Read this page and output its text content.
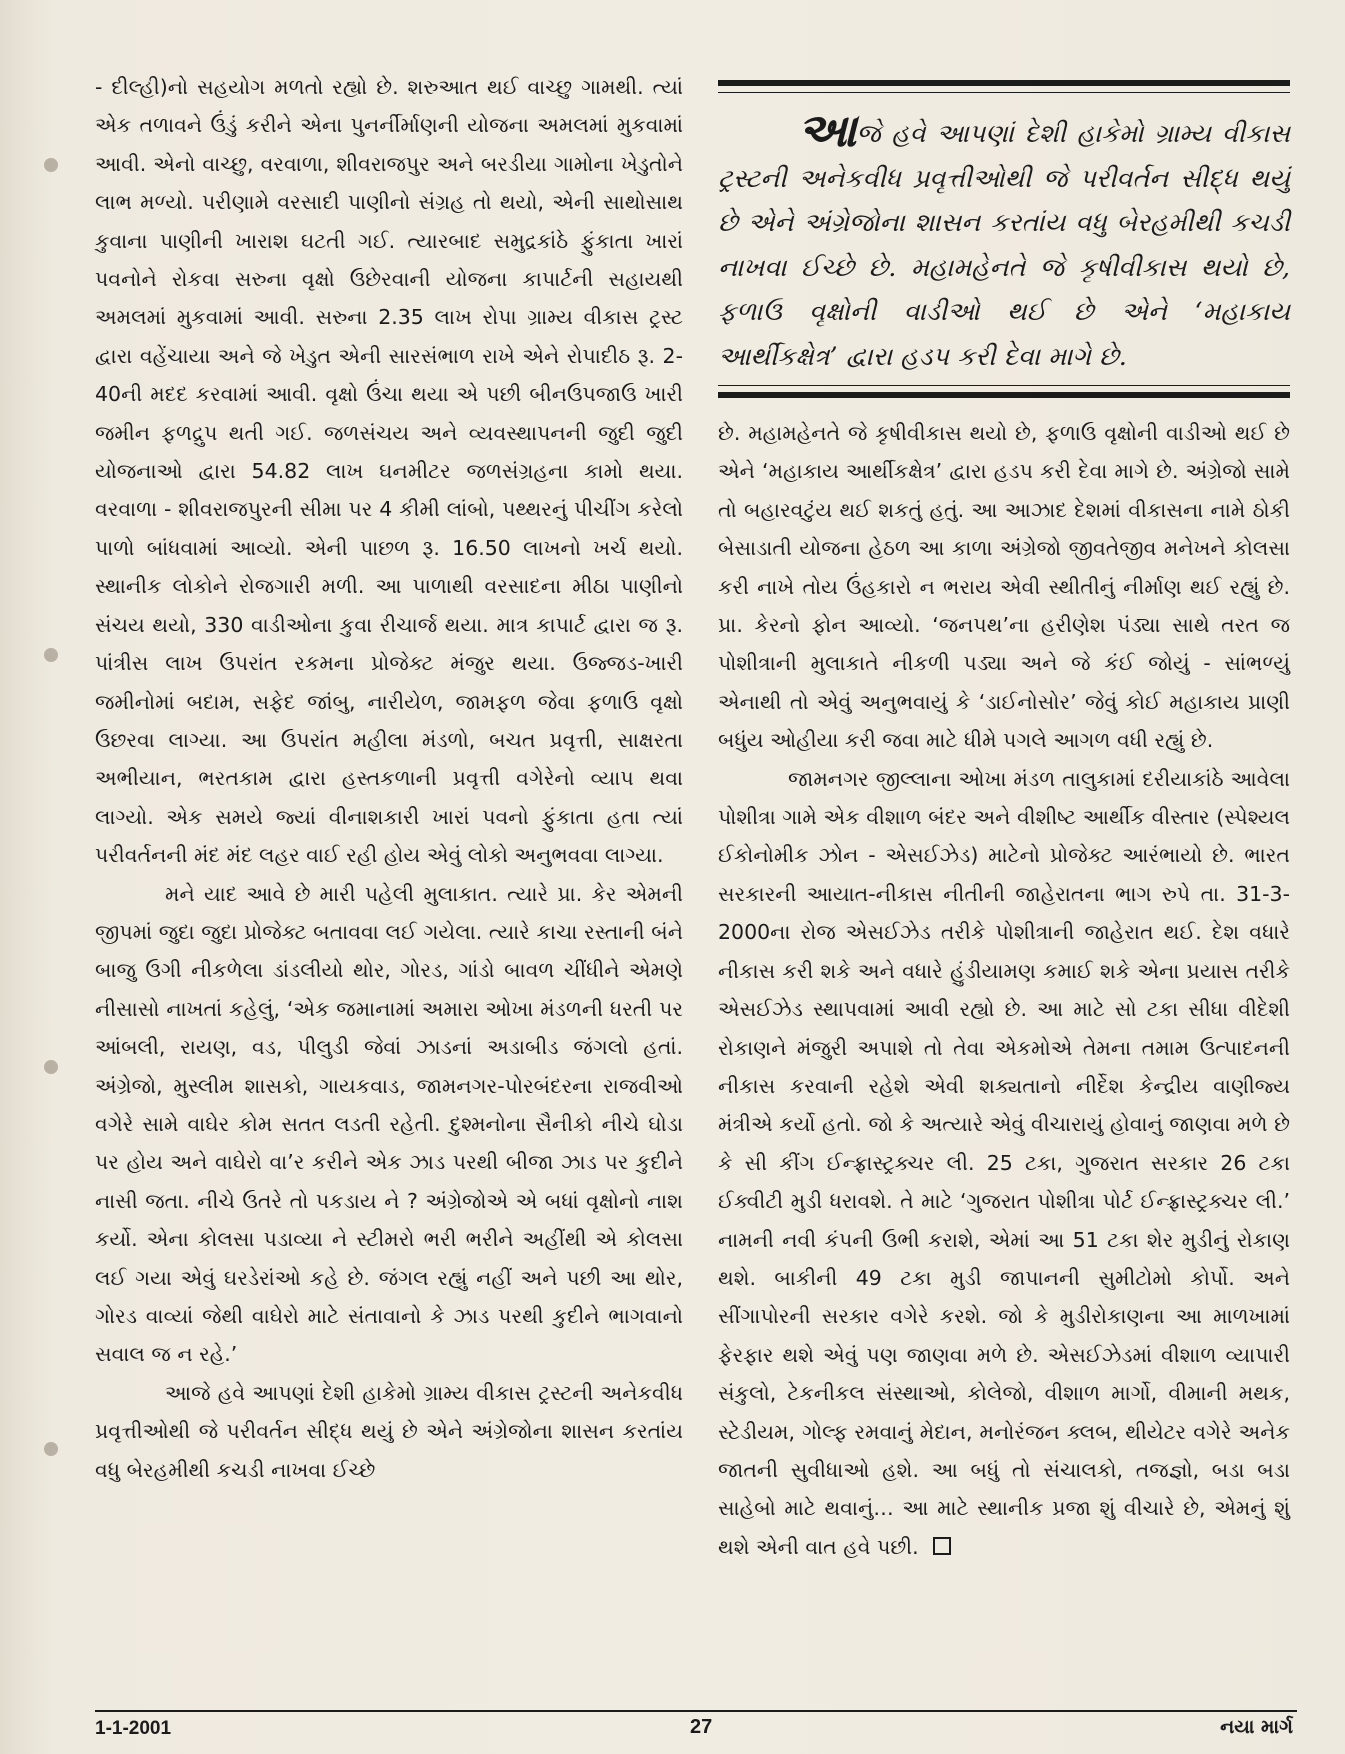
- દીલ્હી)નો સહયોગ મળતો રહ્યો છે. શરુઆત થઈ વાચ્છુ ગામથી. ત્યાં એક તળાવને ઉંડું કરીને એના પુનર્નીર્માણની યોજના અમલમાં મુકવામાં આવી. એનો વાચ્છુ, વરવાળા, શીવરાજપુર અને બરડીયા ગામોના ખેડુતોને લાભ મળ્યો. પરીણામે વરસાદી પાણીનો સંગ્રહ તો થયો, એની સાથોસાથ કુવાના પાણીની ખારાશ ઘટતી ગઈ. ત્યારબાદ સમુદ્રકાંઠે ફુંકાતા ખારાં પવનોને રોકવા સરુના વૃક્ષો ઉછેરવાની યોજના કાપાર્ટની સહાયથી અમલમાં મુકવામાં આવી. સરુના 2.35 લાખ રોપા ગ્રામ્ય વીકાસ ટ્રસ્ટ દ્વારા વહેંચાયા અને જે ખેડુત એની સારસંભાળ રાખે એને રોપાદીઠ રૂ. 2-40ની મદદ કરવામાં આવી. વૃક્ષો ઉંચા થયા એ પછી બીનઉપજાઉ ખારી જમીન ફળદ્રુપ થતી ગઈ. જળસંચય અને વ્યવસ્થાપનની જુદી જુદી યોજનાઓ દ્વારા 54.82 લાખ ઘનમીટર જળસંગ્રહના કામો થયા. વરવાળા - શીવરાજપુરની સીમા પર 4 કીમી લાંબો, પથ્થરનું પીચીંગ કરેલો પાળો બાંધવામાં આવ્યો. એની પાછળ રૂ. 16.50 લાખનો ખર્ચ થયો. સ્થાનીક લોકોને રોજગારી મળી. આ પાળાથી વરસાદના મીઠા પાણીનો સંચય થયો, 330 વાડીઓના કુવા રીચાર્જ થયા. માત્ર કાપાર્ટ દ્વારા જ રૂ. પાંત્રીસ લાખ ઉપરાંત રકમના પ્રોજેક્ટ મંજુર થયા. ઉજ્જડ-ખારી જમીનોમાં બદામ, સફેદ જાંબુ, નારીયેળ, જામફળ જેવા ફળાઉ વૃક્ષો ઉછરવા લાગ્યા. આ ઉપરાંત મહીલા મંડળો, બચત પ્રવૃત્તી, સાક્ષરતા અભીયાન, ભરતકામ દ્વારા હસ્તકળાની પ્રવૃત્તી વગેરેનો વ્યાપ થવા લાગ્યો. એક સમયે જ્યાં વીનાશકારી ખારાં પવનો ફુંકાતા હતા ત્યાં પરીવર્તનની મંદ મંદ લહર વાઈ રહી હોય એવું લોકો અનુભવવા લાગ્યા.

મને યાદ આવે છે મારી પહેલી મુલાકાત. ત્યારે પ્રા. કેર એમની જીપમાં જુદા જુદા પ્રોજેક્ટ બતાવવા લઈ ગયેલા. ત્યારે કાચા રસ્તાની બંને બાજુ ઉગી નીકળેલા ડાંડલીયો થોર, ગોરડ, ગાંડો બાવળ ચીંધીને એમણે નીસાસો નાખતાં કહેલું, ‘એક જમાનામાં અમારા ઓખા મંડળની ધરતી પર આંબલી, રાયણ, વડ, પીલુડી જેવાં ઝાડનાં અડાબીડ જંગલો હતાં. અંગ્રેજો, મુસ્લીમ શાસકો, ગાયકવાડ, જામનગર-પોરબંદરના રાજવીઓ વગેરે સામે વાઘેર કોમ સતત લડતી રહેતી. દુશ્મનોના સૈનીકો નીચે ઘોડા પર હોય અને વાઘેરો વા’ર કરીને એક ઝાડ પરથી બીજા ઝાડ પર કુદીને નાસી જતા. નીચે ઉતરે તો પકડાય ને ? અંગ્રેજોએ એ બધાં વૃક્ષોનો નાશ કર્યો. એના કોલસા પડાવ્યા ને સ્ટીમરો ભરી ભરીને અહીંથી એ કોલસા લઈ ગયા એવું ઘરડેરાંઓ કહે છે. જંગલ રહ્યું નહીં અને પછી આ થોર, ગોરડ વાવ્યાં જેથી વાઘેરો માટે સંતાવાનો કે ઝાડ પરથી કુદીને ભાગવાનો સવાલ જ ન રહે.’

આજે હવે આપણાં દેશી હાકેમો ગ્રામ્ય વીકાસ ટ્રસ્ટની અનેકવીધ પ્રવૃત્તીઓથી જે પરીવર્તન સીદ્ધ થયું છે એને અંગ્રેજોના શાસન કરતાંય વધુ બેરહમીથી કચડી નાખવા ઈચ્છે

આજે હવે આપણાં દેશી હાકેમો ગ્રામ્ય વીકાસ ટ્રસ્ટની અનેકવીધ પ્રવૃત્તીઓથી જે પરીવર્તન સીદ્ધ થયું છે એને અંગ્રેજોના શાસન કરતાંય વધુ બેરહમીથી કચડી નાખવા ઈચ્છે છે. મહામહેનતે જે કૃષીવીકાસ થયો છે, ફળાઉ વૃક્ષોની વાડીઓ થઈ છે એને ‘મહાકાય આર્થીકક્ષેત્ર’ દ્વારા હડપ કરી દેવા માગે છે.

છે. મહામહેનતે જે કૃષીવીકાસ થયો છે, ફળાઉ વૃક્ષોની વાડીઓ થઈ છે એને ‘મહાકાય આર્થીકક્ષેત્ર’ દ્વારા હડપ કરી દેવા માગે છે. અંગ્રેજો સામે તો બહારવટુંય થઈ શકતું હતું. આ આઝાદ દેશમાં વીકાસના નામે ઠોકી બેસાડાતી યોજના હેઠળ આ કાળા અંગ્રેજો જીવતેજીવ મનેખને કોલસા કરી નાખે તોય ઉંહકારો ન ભરાય એવી સ્થીતીનું નીર્માણ થઈ રહ્યું છે. પ્રા. કેરનો ફોન આવ્યો. ‘જનપથ’ના હરીણેશ પંડ્યા સાથે તરત જ પોશીત્રાની મુલાકાતે નીકળી પડ્યા અને જે કંઈ જોયું - સાંભળ્યું એનાથી તો એવું અનુભવાયું કે ‘ડાઈનોસોર’ જેવું કોઈ મહાકાય પ્રાણી બધુંય ઓહીયા કરી જવા માટે ધીમે પગલે આગળ વધી રહ્યું છે.

જામનગર જીલ્લાના ઓખા મંડળ તાલુકામાં દરીયાકાંઠે આવેલા પોશીત્રા ગામે એક વીશાળ બંદર અને વીશીષ્ટ આર્થીક વીસ્તાર (સ્પેશ્યલ ઈકોનોમીક ઝોન - એસઈઝેડ) માટેનો પ્રોજેક્ટ આરંભાયો છે. ભારત સરકારની આયાત-નીકાસ નીતીની જાહેરાતના ભાગ રુપે તા. 31-3-2000ના રોજ એસઈઝેડ તરીકે પોશીત્રાની જાહેરાત થઈ. દેશ વધારે નીકાસ કરી શકે અને વધારે હુંડીયામણ કમાઈ શકે એના પ્રયાસ તરીકે એસઈઝેડ સ્થાપવામાં આવી રહ્યો છે. આ માટે સો ટકા સીધા વીદેશી રોકાણને મંજુરી અપાશે તો તેવા એકમોએ તેમના તમામ ઉત્પાદનની નીકાસ કરવાની રહેશે એવી શક્યતાનો નીર્દેશ કેન્દ્રીય વાણીજ્ય મંત્રીએ કર્યો હતો. જો કે અત્યારે એવું વીચારાયું હોવાનું જાણવા મળે છે કે સી કીંગ ઈન્ફ્રાસ્ટ્રક્ચર લી. 25 ટકા, ગુજરાત સરકાર 26 ટકા ઈક્વીટી મુડી ધરાવશે. તે માટે ‘ગુજરાત પોશીત્રા પોર્ટ ઈન્ફ્રાસ્ટ્રક્ચર લી.’ નામની નવી કંપની ઉભી કરાશે, એમાં આ 51 ટકા શેર મુડીનું રોકાણ થશે. બાકીની 49 ટકા મુડી જાપાનની સુમીટોમો કોર્પો. અને સીંગાપોરની સરકાર વગેરે કરશે. જો કે મુડીરોકાણના આ માળખામાં ફેરફાર થશે એવું પણ જાણવા મળે છે. એસઈઝેડમાં વીશાળ વ્યાપારી સંકુલો, ટેકનીકલ સંસ્થાઓ, કોલેજો, વીશાળ માર્ગો, વીમાની મથક, સ્ટેડીયમ, ગોલ્ફ રમવાનું મેદાન, મનોરંજન ક્લબ, થીયેટર વગેરે અનેક જાતની સુવીધાઓ હશે. આ બધું તો સંચાલકો, તજજ્ઞો, બડા બડા સાહેબો માટે થવાનું… આ માટે સ્થાનીક પ્રજા શું વીચારે છે, એમનું શું થશે એની વાત હવે પછી.

1-1-2001	27	નયા માર્ગ
